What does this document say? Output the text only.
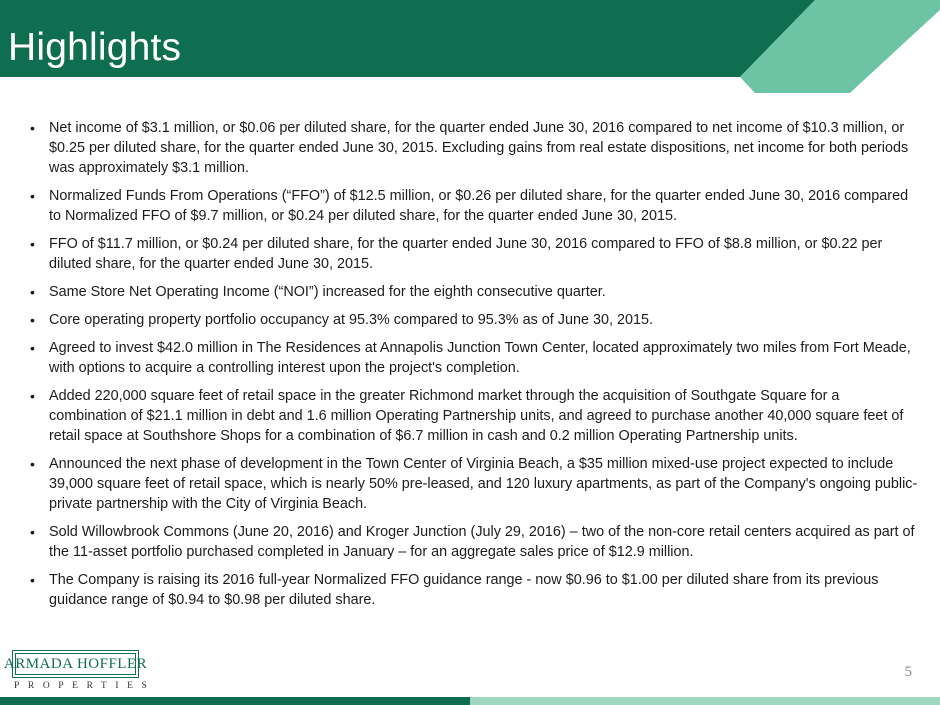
Highlights
• Net income of $3.1 million, or $0.06 per diluted share, for the quarter ended June 30, 2016 compared to net income of $10.3 million, or $0.25 per diluted share, for the quarter ended June 30, 2015. Excluding gains from real estate dispositions, net income for both periods was approximately $3.1 million.
• Normalized Funds From Operations (“FFO”) of $12.5 million, or $0.26 per diluted share, for the quarter ended June 30, 2016 compared to Normalized FFO of $9.7 million, or $0.24 per diluted share, for the quarter ended June 30, 2015.
• FFO of $11.7 million, or $0.24 per diluted share, for the quarter ended June 30, 2016 compared to FFO of $8.8 million, or $0.22 per diluted share, for the quarter ended June 30, 2015.
• Same Store Net Operating Income (“NOI”) increased for the eighth consecutive quarter.
• Core operating property portfolio occupancy at 95.3% compared to 95.3% as of June 30, 2015.
• Agreed to invest $42.0 million in The Residences at Annapolis Junction Town Center, located approximately two miles from Fort Meade, with options to acquire a controlling interest upon the project's completion.
• Added 220,000 square feet of retail space in the greater Richmond market through the acquisition of Southgate Square for a combination of $21.1 million in debt and 1.6 million Operating Partnership units, and agreed to purchase another 40,000 square feet of retail space at Southshore Shops for a combination of $6.7 million in cash and 0.2 million Operating Partnership units.
• Announced the next phase of development in the Town Center of Virginia Beach, a $35 million mixed-use project expected to include 39,000 square feet of retail space, which is nearly 50% pre-leased, and 120 luxury apartments, as part of the Company's ongoing public-private partnership with the City of Virginia Beach.
• Sold Willowbrook Commons (June 20, 2016) and Kroger Junction (July 29, 2016) – two of the non-core retail centers acquired as part of the 11-asset portfolio purchased completed in January – for an aggregate sales price of $12.9 million.
• The Company is raising its 2016 full-year Normalized FFO guidance range - now $0.96 to $1.00 per diluted share from its previous guidance range of $0.94 to $0.98 per diluted share.
ARMADA HOFFLER
PROPERTIES
5
